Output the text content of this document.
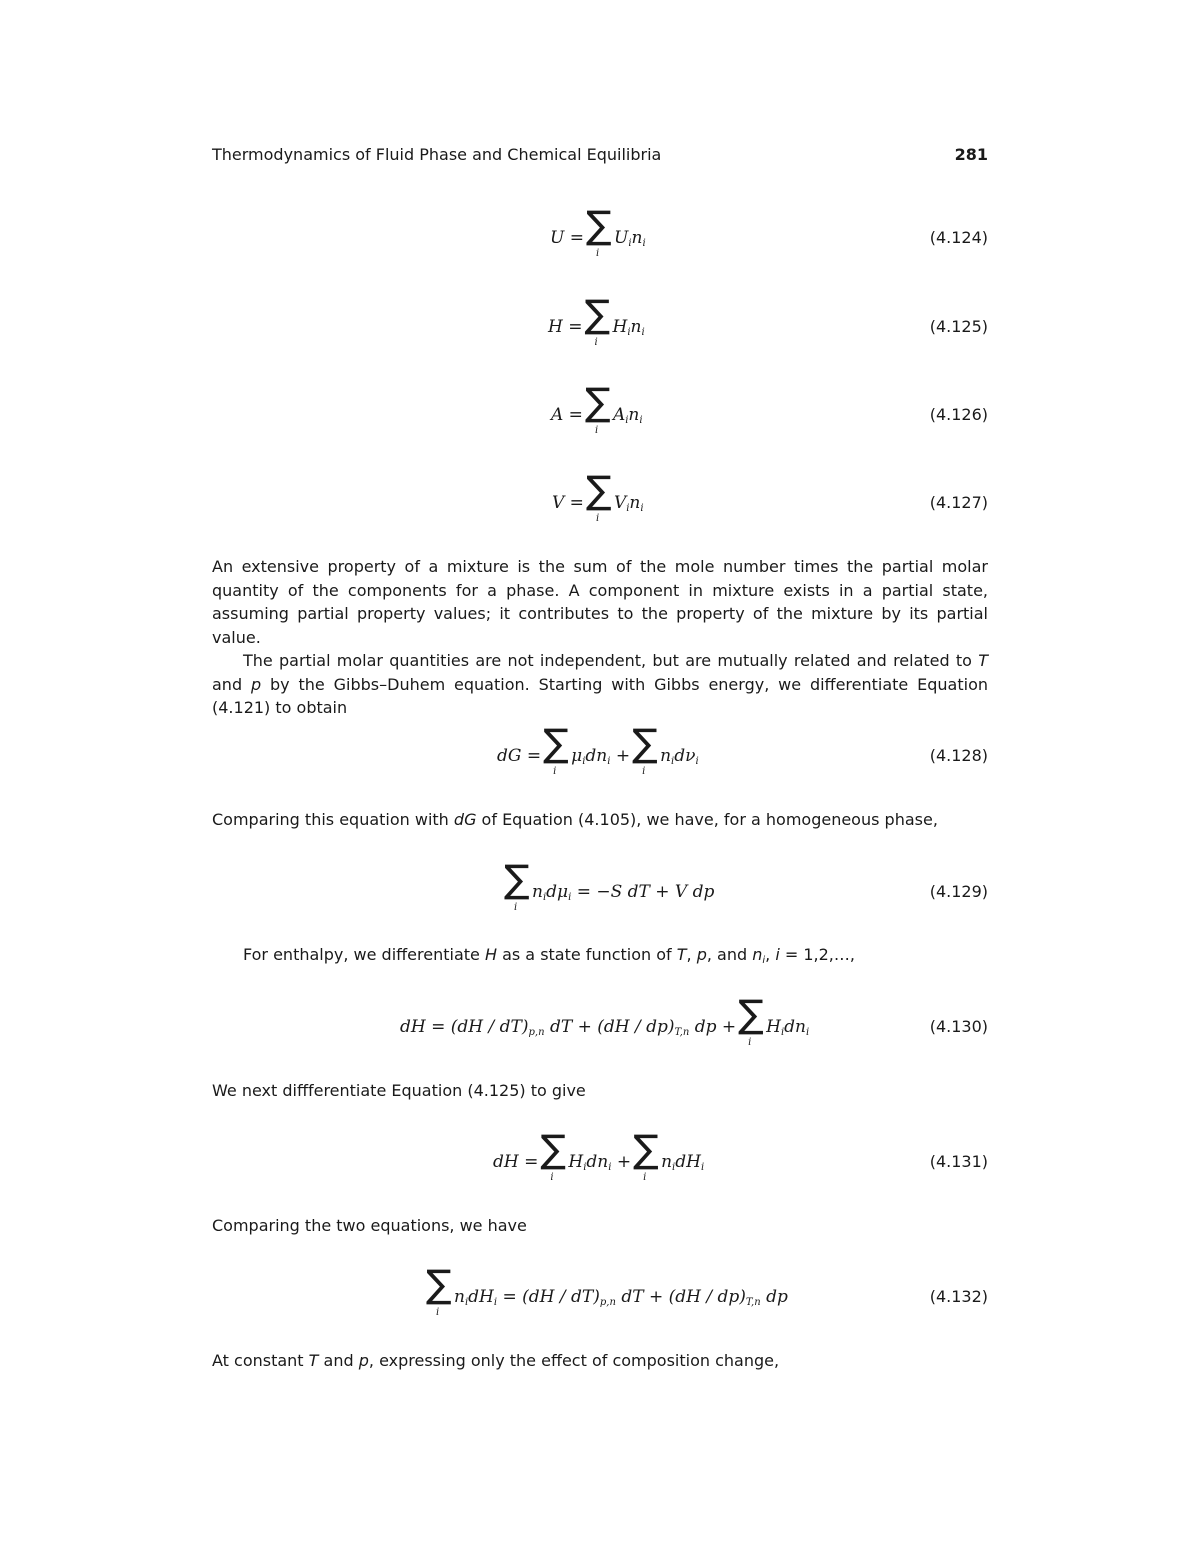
Thermodynamics of Fluid Phase and Chemical Equilibria	281
U = ∑
i
$U_in_i$	(4.124)
H = ∑
i
$H_in_i$	(4.125)
A = ∑
i
$A_in_i$	(4.126)
V = ∑
i
$V_in_i$	(4.127)

An extensive property of a mixture is the sum of the mole number times the partial molar quantity of the components for a phase. A component in mixture exists in a partial state, assuming partial property values; it contributes to the property of the mixture by its partial value.

The partial molar quantities are not independent, but are mutually related and related to T and p by the Gibbs–Duhem equation. Starting with Gibbs energy, we differentiate Equation (4.121) to obtain

dG = ∑
i
$\mu_idn_i$ + ∑
i
$n_id\nu_i$	(4.128)

Comparing this equation with dG of Equation (4.105), we have, for a homogeneous phase,

∑
i
$n_id\mu_i = -S$ dT + V dp	(4.129)

For enthalpy, we differentiate H as a state function of T, p, and $n_i$, i = 1,2,…,

dH = $(dH / dT)_{p,n}$ dT + $(dH / dp)_{T,n}$ dp + ∑
i
$H_idn_i$	(4.130)

We next diffferentiate Equation (4.125) to give

dH = ∑
i
$H_idn_i$ + ∑
i
$n_idH_i$	(4.131)

Comparing the two equations, we have

∑
i
$n_idH_i = (dH / dT)_{p,n}$ dT + $(dH / dp)_{T,n}$ dp	(4.132)

At constant T and p, expressing only the effect of composition change,
